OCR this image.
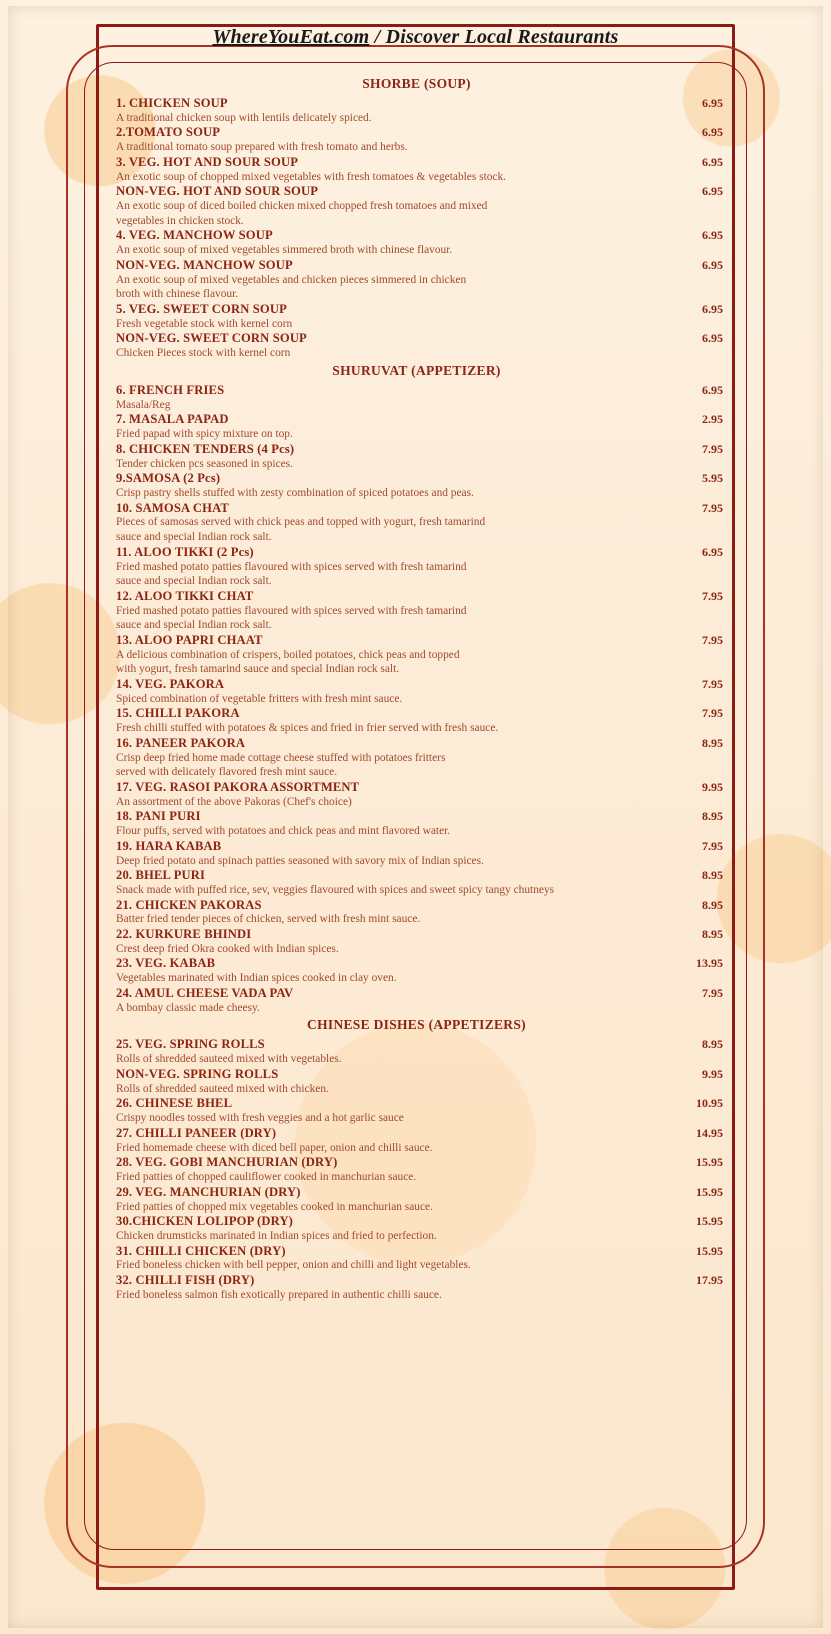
WhereYouEat.com / Discover Local Restaurants
SHORBE (SOUP)
1. CHICKEN SOUP	6.95
A traditional chicken soup with lentils delicately spiced.
2.TOMATO SOUP	6.95
A traditional tomato soup prepared with fresh tomato and herbs.
3. VEG. HOT AND SOUR SOUP	6.95
An exotic soup of chopped mixed vegetables with fresh tomatoes & vegetables stock.
NON-VEG. HOT AND SOUR SOUP	6.95
An exotic soup of diced boiled chicken mixed chopped fresh tomatoes and mixed
vegetables in chicken stock.
4. VEG. MANCHOW SOUP	6.95
An exotic soup of mixed vegetables simmered broth with chinese flavour.
NON-VEG. MANCHOW SOUP	6.95
An exotic soup of mixed vegetables and chicken pieces simmered in chicken
broth with chinese flavour.
5. VEG. SWEET CORN SOUP	6.95
Fresh vegetable stock with kernel corn
NON-VEG. SWEET CORN SOUP	6.95
Chicken Pieces stock with kernel corn
SHURUVAT (APPETIZER)
6. FRENCH FRIES	6.95
Masala/Reg
7. MASALA PAPAD	2.95
Fried papad with spicy mixture on top.
8. CHICKEN TENDERS (4 Pcs)	7.95
Tender chicken pcs seasoned in spices.
9.SAMOSA (2 Pcs)	5.95
Crisp pastry shells stuffed with zesty combination of spiced potatoes and peas.
10. SAMOSA CHAT	7.95
Pieces of samosas served with chick peas and topped with yogurt, fresh tamarind
sauce and special Indian rock salt.
11. ALOO TIKKI (2 Pcs)	6.95
Fried mashed potato patties flavoured with spices served with fresh tamarind
sauce and special Indian rock salt.
12. ALOO TIKKI CHAT	7.95
Fried mashed potato patties flavoured with spices served with fresh tamarind
sauce and special Indian rock salt.
13. ALOO PAPRI CHAAT	7.95
A delicious combination of crispers, boiled potatoes, chick peas and topped
with yogurt, fresh tamarind sauce and special Indian rock salt.
14. VEG. PAKORA	7.95
Spiced combination of vegetable fritters with fresh mint sauce.
15. CHILLI PAKORA	7.95
Fresh chilli stuffed with potatoes & spices and fried in frier served with fresh sauce.
16. PANEER PAKORA	8.95
Crisp deep fried home made cottage cheese stuffed with potatoes fritters
served with delicately flavored fresh mint sauce.
17. VEG. RASOI PAKORA ASSORTMENT	9.95
An assortment of the above Pakoras (Chef's choice)
18. PANI PURI	8.95
Flour puffs, served with potatoes and chick peas and mint flavored water.
19. HARA KABAB	7.95
Deep fried potato and spinach patties seasoned with savory mix of Indian spices.
20. BHEL PURI	8.95
Snack made with puffed rice, sev, veggies flavoured with spices and sweet spicy tangy chutneys
21. CHICKEN PAKORAS	8.95
Batter fried tender pieces of chicken, served with fresh mint sauce.
22. KURKURE BHINDI	8.95
Crest deep fried Okra cooked with Indian spices.
23. VEG. KABAB	13.95
Vegetables marinated with Indian spices cooked in clay oven.
24. AMUL CHEESE VADA PAV	7.95
A bombay classic made cheesy.
CHINESE DISHES (APPETIZERS)
25. VEG. SPRING ROLLS	8.95
Rolls of shredded sauteed mixed with vegetables.
NON-VEG. SPRING ROLLS	9.95
Rolls of shredded sauteed mixed with chicken.
26. CHINESE BHEL	10.95
Crispy noodles tossed with fresh veggies and a hot garlic sauce
27. CHILLI PANEER (DRY)	14.95
Fried homemade cheese with diced bell paper, onion and chilli sauce.
28. VEG. GOBI MANCHURIAN (DRY)	15.95
Fried patties of chopped cauliflower cooked in manchurian sauce.
29. VEG. MANCHURIAN (DRY)	15.95
Fried patties of chopped mix vegetables cooked in manchurian sauce.
30.CHICKEN LOLIPOP (DRY)	15.95
Chicken drumsticks marinated in Indian spices and fried to perfection.
31. CHILLI CHICKEN (DRY)	15.95
Fried boneless chicken with bell pepper, onion and chilli and light vegetables.
32. CHILLI FISH (DRY)	17.95
Fried boneless salmon fish exotically prepared in authentic chilli sauce.
